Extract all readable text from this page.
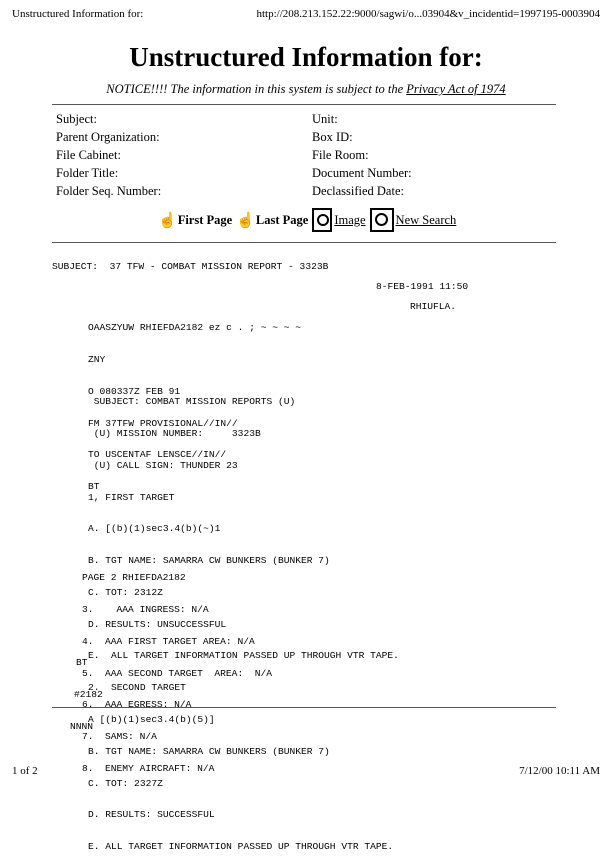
Unstructured Information for:	http://208.213.152.22:9000/sagwi/o...03904&v_incidentid=1997195-0003904
Unstructured Information for:
NOTICE!!!! The information in this system is subject to the Privacy Act of 1974
Subject:
Parent Organization:
File Cabinet:
Folder Title:
Folder Seq. Number:
Unit:
Box ID:
File Room:
Document Number:
Declassified Date:
☝ First Page ☝ Last Page Image New Search
SUBJECT:  37 TFW - COMBAT MISSION REPORT - 3323B
8-FEB-1991 11:50

OAASZYUW RHIEFDA2182 ez c . ; ~ ~ ~ ~

ZNY

O 080337Z FEB 91

FM 37TFW PROVISIONAL//IN//

TO USCENTAF LENSCE//IN//

BT

RHIUFLA.

SUBJECT: COMBAT MISSION REPORTS (U)

(U) MISSION NUMBER:     3323B

(U) CALL SIGN: THUNDER 23

1, FIRST TARGET

A. [(b)(1)sec3.4(b)(~)1

B. TGT NAME: SAMARRA CW BUNKERS (BUNKER 7)

C. TOT: 2312Z

D. RESULTS: UNSUCCESSFUL

E.  ALL TARGET INFORMATION PASSED UP THROUGH VTR TAPE.

2.  SECOND TARGET

A [(b)(1)sec3.4(b)(5)]

B. TGT NAME: SAMARRA CW BUNKERS (BUNKER 7)

C. TOT: 2327Z

D. RESULTS: SUCCESSFUL

E. ALL TARGET INFORMATION PASSED UP THROUGH VTR TAPE.

PAGE 2 RHIEFDA2182

3.    AAA INGRESS: N/A

4.  AAA FIRST TARGET AREA: N/A

5.  AAA SECOND TARGET  AREA:  N/A

6.  AAA EGRESS: N/A

7.  SAMS: N/A

8.  ENEMY AIRCRAFT: N/A

BT

#2182

NNNN

1 of 2	7/12/00 10:11 AM
